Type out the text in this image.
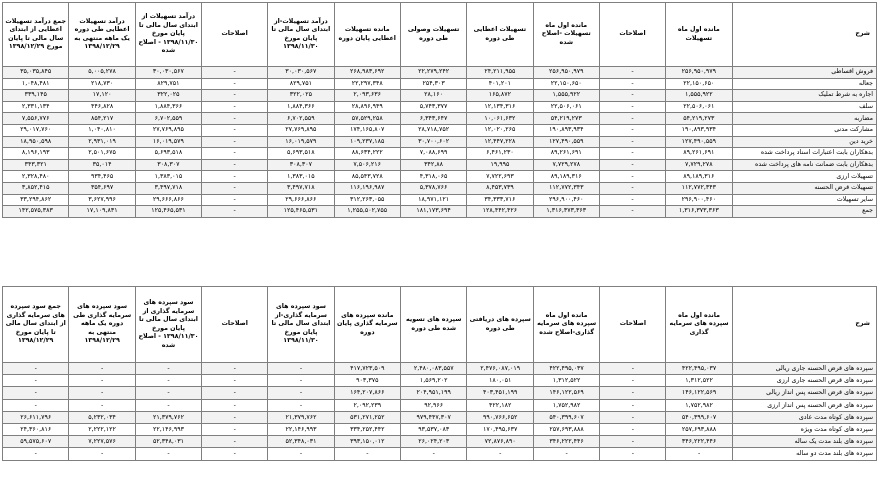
شرح	مانده اول ماه تسهیلات	اصلاحات	مانده اول ماه تسهیلات -اصلاح شده	تسهیلات اعطایی طی دوره	تسهیلات وصولی طی دوره	مانده تسهیلات اعطایی پایان دوره	درآمد تسهیلات-از ابتدای سال مالی تا پایان مورخ ۱۳۹۸/۱۱/۳۰	اصلاحات	درآمد تسهیلات از ابتدای سال مالی تا پایان مورخ ۱۳۹۸/۱۱/۳۰ - اصلاح شده	درآمد تسهیلات اعطایی طی دوره یک ماهه منتهی به ۱۳۹۸/۱۲/۲۹	جمع درآمد تسهیلات اعطایی از ابتدای سال مالی تا پایان مورخ ۱۳۹۸/۱۲/۲۹
فروش اقساطی	۲۵۶,۹۵۰,۹۷۹	-	۲۵۶,۹۵۰,۹۷۹	۲۴,۲۱۱,۹۵۵	۲۲,۲۷۹,۲۴۲	۲۶۸,۹۸۳,۶۹۲	۳۰,۰۳۰,۵۶۷	-	۳۰,۰۳۰,۵۶۷	۵,۰۰۵,۲۷۸	۳۵,۰۳۵,۸۴۵
جعاله	۲۲,۱۵۰,۶۵۰	-	۲۲,۱۵۰,۶۵۰	۴۰۱,۲۰۱	۲۵۴,۳۰۳	۲۲,۲۹۷,۳۴۸	۸۲۹,۷۵۱	-	۸۲۹,۷۵۱	۲۱۸,۷۳۰	۱,۰۴۸,۴۸۱
اجاره به شرط تملیک	۱,۵۵۵,۹۲۲	-	۱,۵۵۵,۹۲۲	۱۶۵,۸۷۲	۲۸,۱۶۰	۲,۰۹۳,۶۳۶	۳۲۲,۰۲۵	-	۳۲۲,۰۲۵	۱۷,۱۲۰	۳۳۹,۱۴۵
سلف	۲۲,۵۰۶,۰۶۱	-	۲۲,۵۰۶,۰۶۱	۱۲,۱۳۴,۳۱۶	۵,۷۴۳,۳۷۷	۲۸,۸۹۶,۹۴۹	۱,۸۸۴,۳۶۶	-	۱,۸۸۴,۳۶۶	۴۴۶,۸۲۸	۲,۳۳۱,۱۳۴
مضاربه	۵۴,۲۱۹,۲۷۳	-	۵۴,۲۱۹,۲۷۳	۱۰,۰۶۱,۶۳۲	۶,۳۴۳,۶۴۷	۵۷,۵۲۹,۲۵۸	۶,۷۰۲,۵۵۹	-	۶,۷۰۲,۵۵۹	۸۵۴,۲۱۷	۷,۵۵۶,۷۷۶
مشارکت مدنی	۱۹۰,۸۹۳,۹۳۴	-	۱۹۰,۸۹۳,۹۳۴	۱۲,۰۲۰,۲۶۵	۲۸,۷۱۸,۷۵۲	۱۷۴,۱۶۵,۸۰۷	۲۷,۷۶۹,۸۹۵	-	۲۷,۷۶۹,۸۹۵	۱,۰۴۰,۸۱۰	۲۹,۰۱۷,۷۶۰
خرید دین	۱۲۷,۴۹۰,۵۵۹	-	۱۲۷,۴۹۰,۵۵۹	۱۲,۴۴۷,۲۲۸	۳۰,۷۰۰,۶۰۲	۱۰۹,۲۳۷,۱۸۵	۱۶,۰۱۹,۵۷۹	-	۱۶,۰۱۹,۵۷۹	۲,۹۳۱,۰۱۹	۱۸,۹۵۰,۵۹۸
بدهکاران بابت اعتبارات اسناد پرداخت شده	۸۹,۲۶۱,۶۹۱	-	۸۹,۲۶۱,۶۹۱	۶,۴۶۱,۲۳۰	۷,۰۸۸,۶۹۹	۸۸,۶۳۴,۲۲۲	۵,۶۹۳,۵۱۸	-	۵,۶۹۳,۵۱۸	۲,۵۰۱,۶۷۵	۸,۱۹۶,۱۹۳
بدهکاران بابت ضمانت نامه های پرداخت شده	۷,۷۲۹,۲۷۸	-	۷,۷۲۹,۲۷۸	۱۹,۹۹۵	۳۴۲,۸۸	۷,۵۰۶,۲۱۶	۳۰۸,۳۰۷	-	۳۰۸,۳۰۷	۳۵,۰۱۴	۳۴۳,۳۲۱
تسهیلات ارزی	۸۹,۱۸۹,۳۱۶	-	۸۹,۱۸۹,۳۱۶	۷,۷۲۲,۶۹۳	۴,۳۱۸,۰۶۵	۸۵,۵۴۳,۷۲۸	۱,۳۸۳,۰۱۵	-	۱,۳۸۳,۰۱۵	۹۳۴,۴۶۵	۲,۳۲۸,۴۸۰
تسهیلات قرض الحسنه	۱۱۲,۷۷۲,۳۴۳	-	۱۱۲,۷۷۲,۳۴۳	۸,۴۵۳,۷۳۹	۵,۳۷۸,۷۶۶	۱۱۶,۱۹۶,۹۸۷	۳,۴۹۷,۷۱۸	-	۳,۴۹۷,۷۱۸	۳۵۴,۶۹۷	۳,۸۵۲,۴۱۵
سایر تسهیلات	۲۹۶,۹۰۰,۴۶۰	-	۲۹۶,۹۰۰,۴۶۰	۳۴,۳۳۳,۷۱۶	۱۸,۹۷۱,۱۲۱	۳۱۲,۲۶۳,۰۵۵	۲۹,۶۶۶,۸۶۶	-	۲۹,۶۶۶,۸۶۶	۳,۶۲۷,۹۹۶	۳۳,۲۹۴,۸۶۲
جمع	۱,۳۱۶,۳۷۳,۳۶۳	-	۱,۳۱۶,۳۷۳,۳۶۳	۱۲۸,۴۴۲,۴۲۶	۱۸۱,۱۷۳,۶۹۴	۱,۲۵۵,۵۰۲,۷۵۵	۱۲۵,۴۶۵,۵۳۱	-	۱۲۵,۴۶۵,۵۳۱	۱۷,۱۰۹,۸۳۱	۱۴۲,۵۷۵,۳۸۳
شرح	مانده اول ماه سپرده های سرمایه گذاری	اصلاحات	مانده اول ماه سپرده های سرمایه گذاری-اصلاح شده	سپرده های دریافتی طی دوره	سپرده های تسویه شده طی دوره	مانده سپرده های سرمایه گذاری پایان دوره	سود سپرده های سرمایه گذاری-از ابتدای سال مالی تا پایان مورخ ۱۳۹۸/۱۱/۳۰	اصلاحات	سود سپرده های سرمایه گذاری از ابتدای سال مالی تا پایان مورخ ۱۳۹۸/۱۱/۳۰ - اصلاح شده	سود سپرده های سرمایه گذاری طی دوره یک ماهه منتهی به ۱۳۹۸/۱۲/۲۹	جمع سود سپرده های سرمایه گذاری از ابتدای سال مالی تا پایان مورخ ۱۳۹۸/۱۲/۲۹
سپرده های قرض الحسنه جاری ریالی	۴۲۲,۴۹۵,۰۳۷	-	۴۲۲,۴۹۵,۰۳۷	۲,۴۷۶,۰۸۷,۰۱۹	۲,۴۸۰,۰۸۳,۵۵۷	۴۱۷,۷۲۳,۵۰۹	-	-	-	-	-
سپرده های قرض الحسنه جاری ارزی	۱,۳۱۲,۵۲۲	-	۱,۳۱۲,۵۲۲	۱۸۰,۰۵۱	۱,۵۶۹,۲۰۲	۹۰۳,۳۷۵	-	-	-	-	-
سپرده های قرض الحسنه پس انداز ریالی	۱۴۶,۱۲۲,۵۶۹	-	۱۴۶,۱۲۲,۵۶۹	۴۰۳,۴۵۱,۱۹۹	۲۰۴,۹۵۱,۱۹۹	۱۶۴,۲۰۷,۸۶۶	-	-	-	-	-
سپرده های قرض الحسنه پس انداز ارزی	۱,۷۵۲,۹۸۲	-	۱,۷۵۲,۹۸۲	۴۲۲,۱۸۲	۹۲,۹۶۶	۲,۰۹۲,۲۳۹	-	-	-	-	-
سپرده های کوتاه مدت عادی	۵۴۰,۳۹۹,۶۰۷	-	۵۴۰,۳۹۹,۶۰۷	۹۹۰,۷۶۶,۶۵۲	۹۷۹,۴۴۷,۳۰۷	۵۳۱,۲۷۱,۲۵۲	۲۱,۳۷۹,۷۶۲	-	۲۱,۳۷۹,۷۶۲	۵,۲۳۲,۰۳۴	۲۶,۶۱۱,۷۹۶
سپرده های کوتاه مدت ویژه	۲۵۷,۶۹۳,۸۸۸	-	۲۵۷,۶۹۳,۸۸۸	۱۷۰,۴۹۵,۶۳۷	۹۳,۵۳۷,۰۸۳	۳۳۴,۲۵۲,۴۴۲	۲۲,۱۴۶,۹۹۳	-	۲۲,۱۴۶,۹۹۳	۲,۲۲۲,۱۲۲	۲۴,۳۶۰,۸۱۶
سپرده های بلند مدت یک ساله	۳۴۶,۲۲۲,۴۴۶	-	۳۴۶,۲۲۲,۴۴۶	۷۲,۸۷۶,۸۹۰	۲۶,۰۲۴,۲۰۳	۳۹۳,۱۵۰,۰۱۲	۵۲,۳۴۸,۰۳۱	-	۵۲,۳۴۸,۰۳۱	۷,۲۲۷,۵۷۶	۵۹,۵۷۵,۶۰۷
سپرده های بلند مدت دو ساله	-	-	-	-	-	-	-	-	-	-	-
